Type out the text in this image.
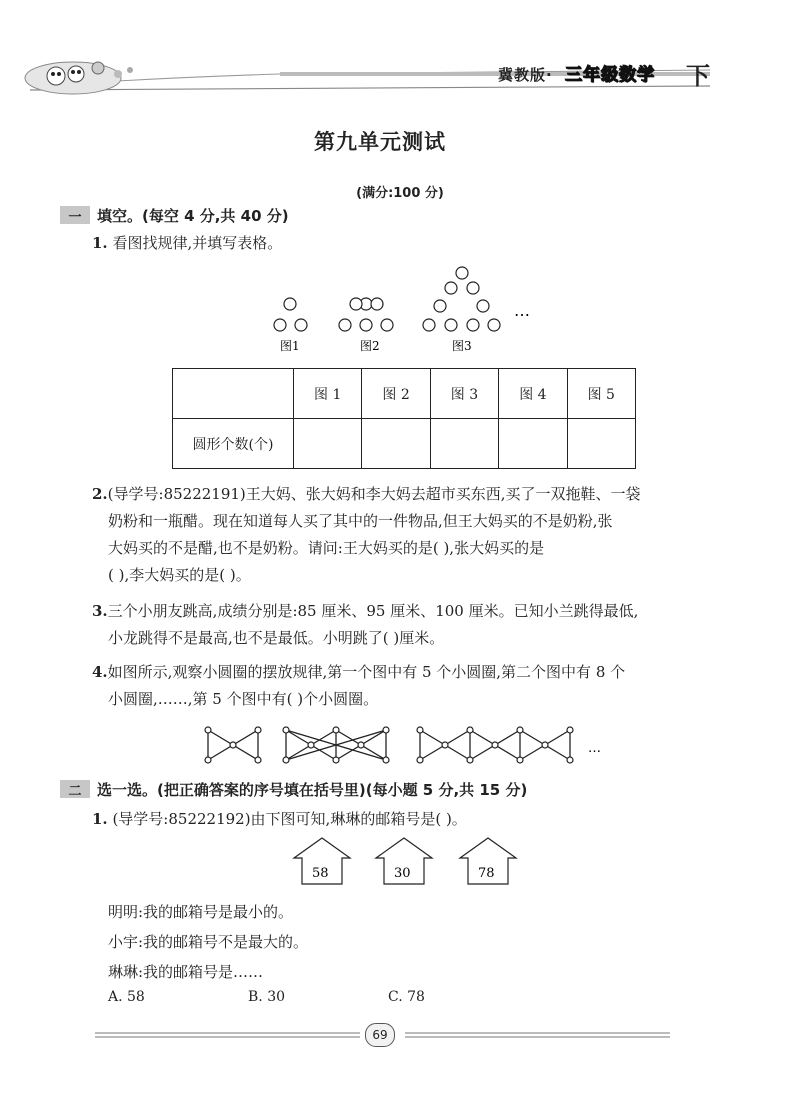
冀教版· 三年级数学 下
第九单元测试
(满分:100 分)
一	填空。(每空 4 分,共 40 分)
1. 看图找规律,并填写表格。
…
图1	图2	图3
	图 1	图 2	图 3	图 4	图 5
圆形个数(个)					
2.(导学号:85222191)王大妈、张大妈和李大妈去超市买东西,买了一双拖鞋、一袋
奶粉和一瓶醋。现在知道每人买了其中的一件物品,但王大妈买的不是奶粉,张
大妈买的不是醋,也不是奶粉。请问:王大妈买的是( ),张大妈买的是
( ),李大妈买的是( )。
3.三个小朋友跳高,成绩分别是:85 厘米、95 厘米、100 厘米。已知小兰跳得最低,
小龙跳得不是最高,也不是最低。小明跳了( )厘米。
4.如图所示,观察小圆圈的摆放规律,第一个图中有 5 个小圆圈,第二个图中有 8 个
小圆圈,……,第 5 个图中有( )个小圆圈。
…
二	选一选。(把正确答案的序号填在括号里)(每小题 5 分,共 15 分)
1. (导学号:85222192)由下图可知,琳琳的邮箱号是( )。
58	30	78
明明:我的邮箱号是最小的。
小宇:我的邮箱号不是最大的。
琳琳:我的邮箱号是……
A. 58	B. 30	C. 78
69
